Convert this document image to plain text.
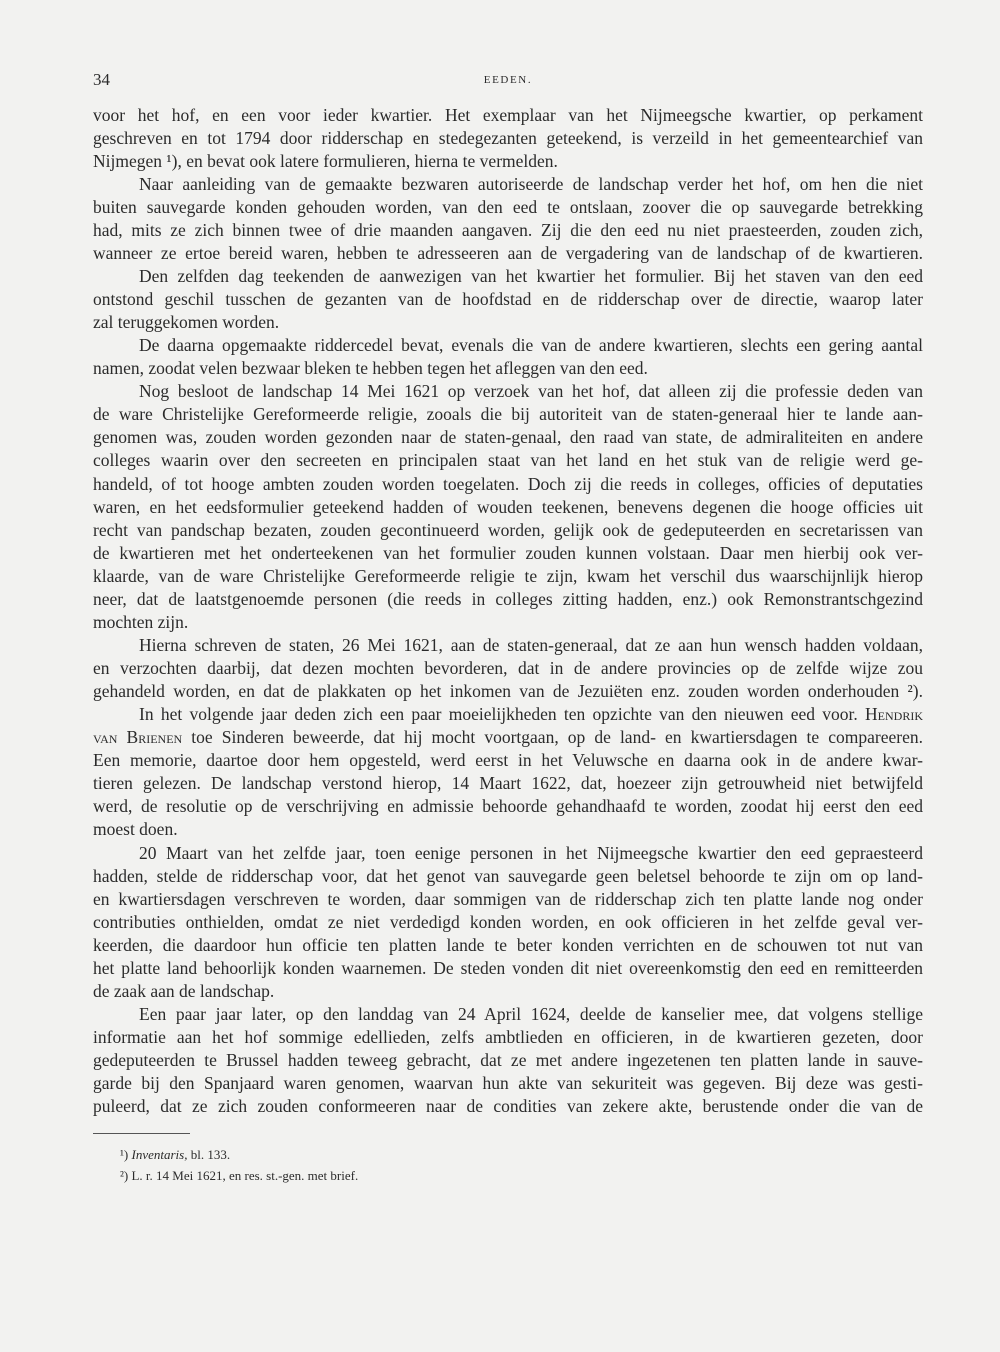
34	EEDEN.
voor het hof, en een voor ieder kwartier. Het exemplaar van het Nijmeegsche kwartier, op perkament
geschreven en tot 1794 door ridderschap en stedegezanten geteekend, is verzeild in het gemeentearchief van
Nijmegen ¹), en bevat ook latere formulieren, hierna te vermelden.
Naar aanleiding van de gemaakte bezwaren autoriseerde de landschap verder het hof, om hen die niet
buiten sauvegarde konden gehouden worden, van den eed te ontslaan, zoover die op sauvegarde betrekking
had, mits ze zich binnen twee of drie maanden aangaven. Zij die den eed nu niet praesteerden, zouden zich,
wanneer ze ertoe bereid waren, hebben te adresseeren aan de vergadering van de landschap of de kwartieren.
Den zelfden dag teekenden de aanwezigen van het kwartier het formulier. Bij het staven van den eed
ontstond geschil tusschen de gezanten van de hoofdstad en de ridderschap over de directie, waarop later
zal teruggekomen worden.
De daarna opgemaakte riddercedel bevat, evenals die van de andere kwartieren, slechts een gering aantal
namen, zoodat velen bezwaar bleken te hebben tegen het afleggen van den eed.
Nog besloot de landschap 14 Mei 1621 op verzoek van het hof, dat alleen zij die professie deden van
de ware Christelijke Gereformeerde religie, zooals die bij autoriteit van de staten-generaal hier te lande aan-
genomen was, zouden worden gezonden naar de staten-genaal, den raad van state, de admiraliteiten en andere
colleges waarin over den secreeten en principalen staat van het land en het stuk van de religie werd ge-
handeld, of tot hooge ambten zouden worden toegelaten. Doch zij die reeds in colleges, officies of deputaties
waren, en het eedsformulier geteekend hadden of wouden teekenen, benevens degenen die hooge officies uit
recht van pandschap bezaten, zouden gecontinueerd worden, gelijk ook de gedeputeerden en secretarissen van
de kwartieren met het onderteekenen van het formulier zouden kunnen volstaan. Daar men hierbij ook ver-
klaarde, van de ware Christelijke Gereformeerde religie te zijn, kwam het verschil dus waarschijnlijk hierop
neer, dat de laatstgenoemde personen (die reeds in colleges zitting hadden, enz.) ook Remonstrantschgezind
mochten zijn.
Hierna schreven de staten, 26 Mei 1621, aan de staten-generaal, dat ze aan hun wensch hadden voldaan,
en verzochten daarbij, dat dezen mochten bevorderen, dat in de andere provincies op de zelfde wijze zou
gehandeld worden, en dat de plakkaten op het inkomen van de Jezuiëten enz. zouden worden onderhouden ²).
In het volgende jaar deden zich een paar moeielijkheden ten opzichte van den nieuwen eed voor. Hendrik
van Brienen toe Sinderen beweerde, dat hij mocht voortgaan, op de land- en kwartiersdagen te compareeren.
Een memorie, daartoe door hem opgesteld, werd eerst in het Veluwsche en daarna ook in de andere kwar-
tieren gelezen. De landschap verstond hierop, 14 Maart 1622, dat, hoezeer zijn getrouwheid niet betwijfeld
werd, de resolutie op de verschrijving en admissie behoorde gehandhaafd te worden, zoodat hij eerst den eed
moest doen.
20 Maart van het zelfde jaar, toen eenige personen in het Nijmeegsche kwartier den eed gepraesteerd
hadden, stelde de ridderschap voor, dat het genot van sauvegarde geen beletsel behoorde te zijn om op land-
en kwartiersdagen verschreven te worden, daar sommigen van de ridderschap zich ten platte lande nog onder
contributies onthielden, omdat ze niet verdedigd konden worden, en ook officieren in het zelfde geval ver-
keerden, die daardoor hun officie ten platten lande te beter konden verrichten en de schouwen tot nut van
het platte land behoorlijk konden waarnemen. De steden vonden dit niet overeenkomstig den eed en remitteerden
de zaak aan de landschap.
Een paar jaar later, op den landdag van 24 April 1624, deelde de kanselier mee, dat volgens stellige
informatie aan het hof sommige edellieden, zelfs ambtlieden en officieren, in de kwartieren gezeten, door
gedeputeerden te Brussel hadden teweeg gebracht, dat ze met andere ingezetenen ten platten lande in sauve-
garde bij den Spanjaard waren genomen, waarvan hun akte van sekuriteit was gegeven. Bij deze was gesti-
puleerd, dat ze zich zouden conformeeren naar de condities van zekere akte, berustende onder die van de
¹) Inventaris, bl. 133.
²) L. r. 14 Mei 1621, en res. st.-gen. met brief.
